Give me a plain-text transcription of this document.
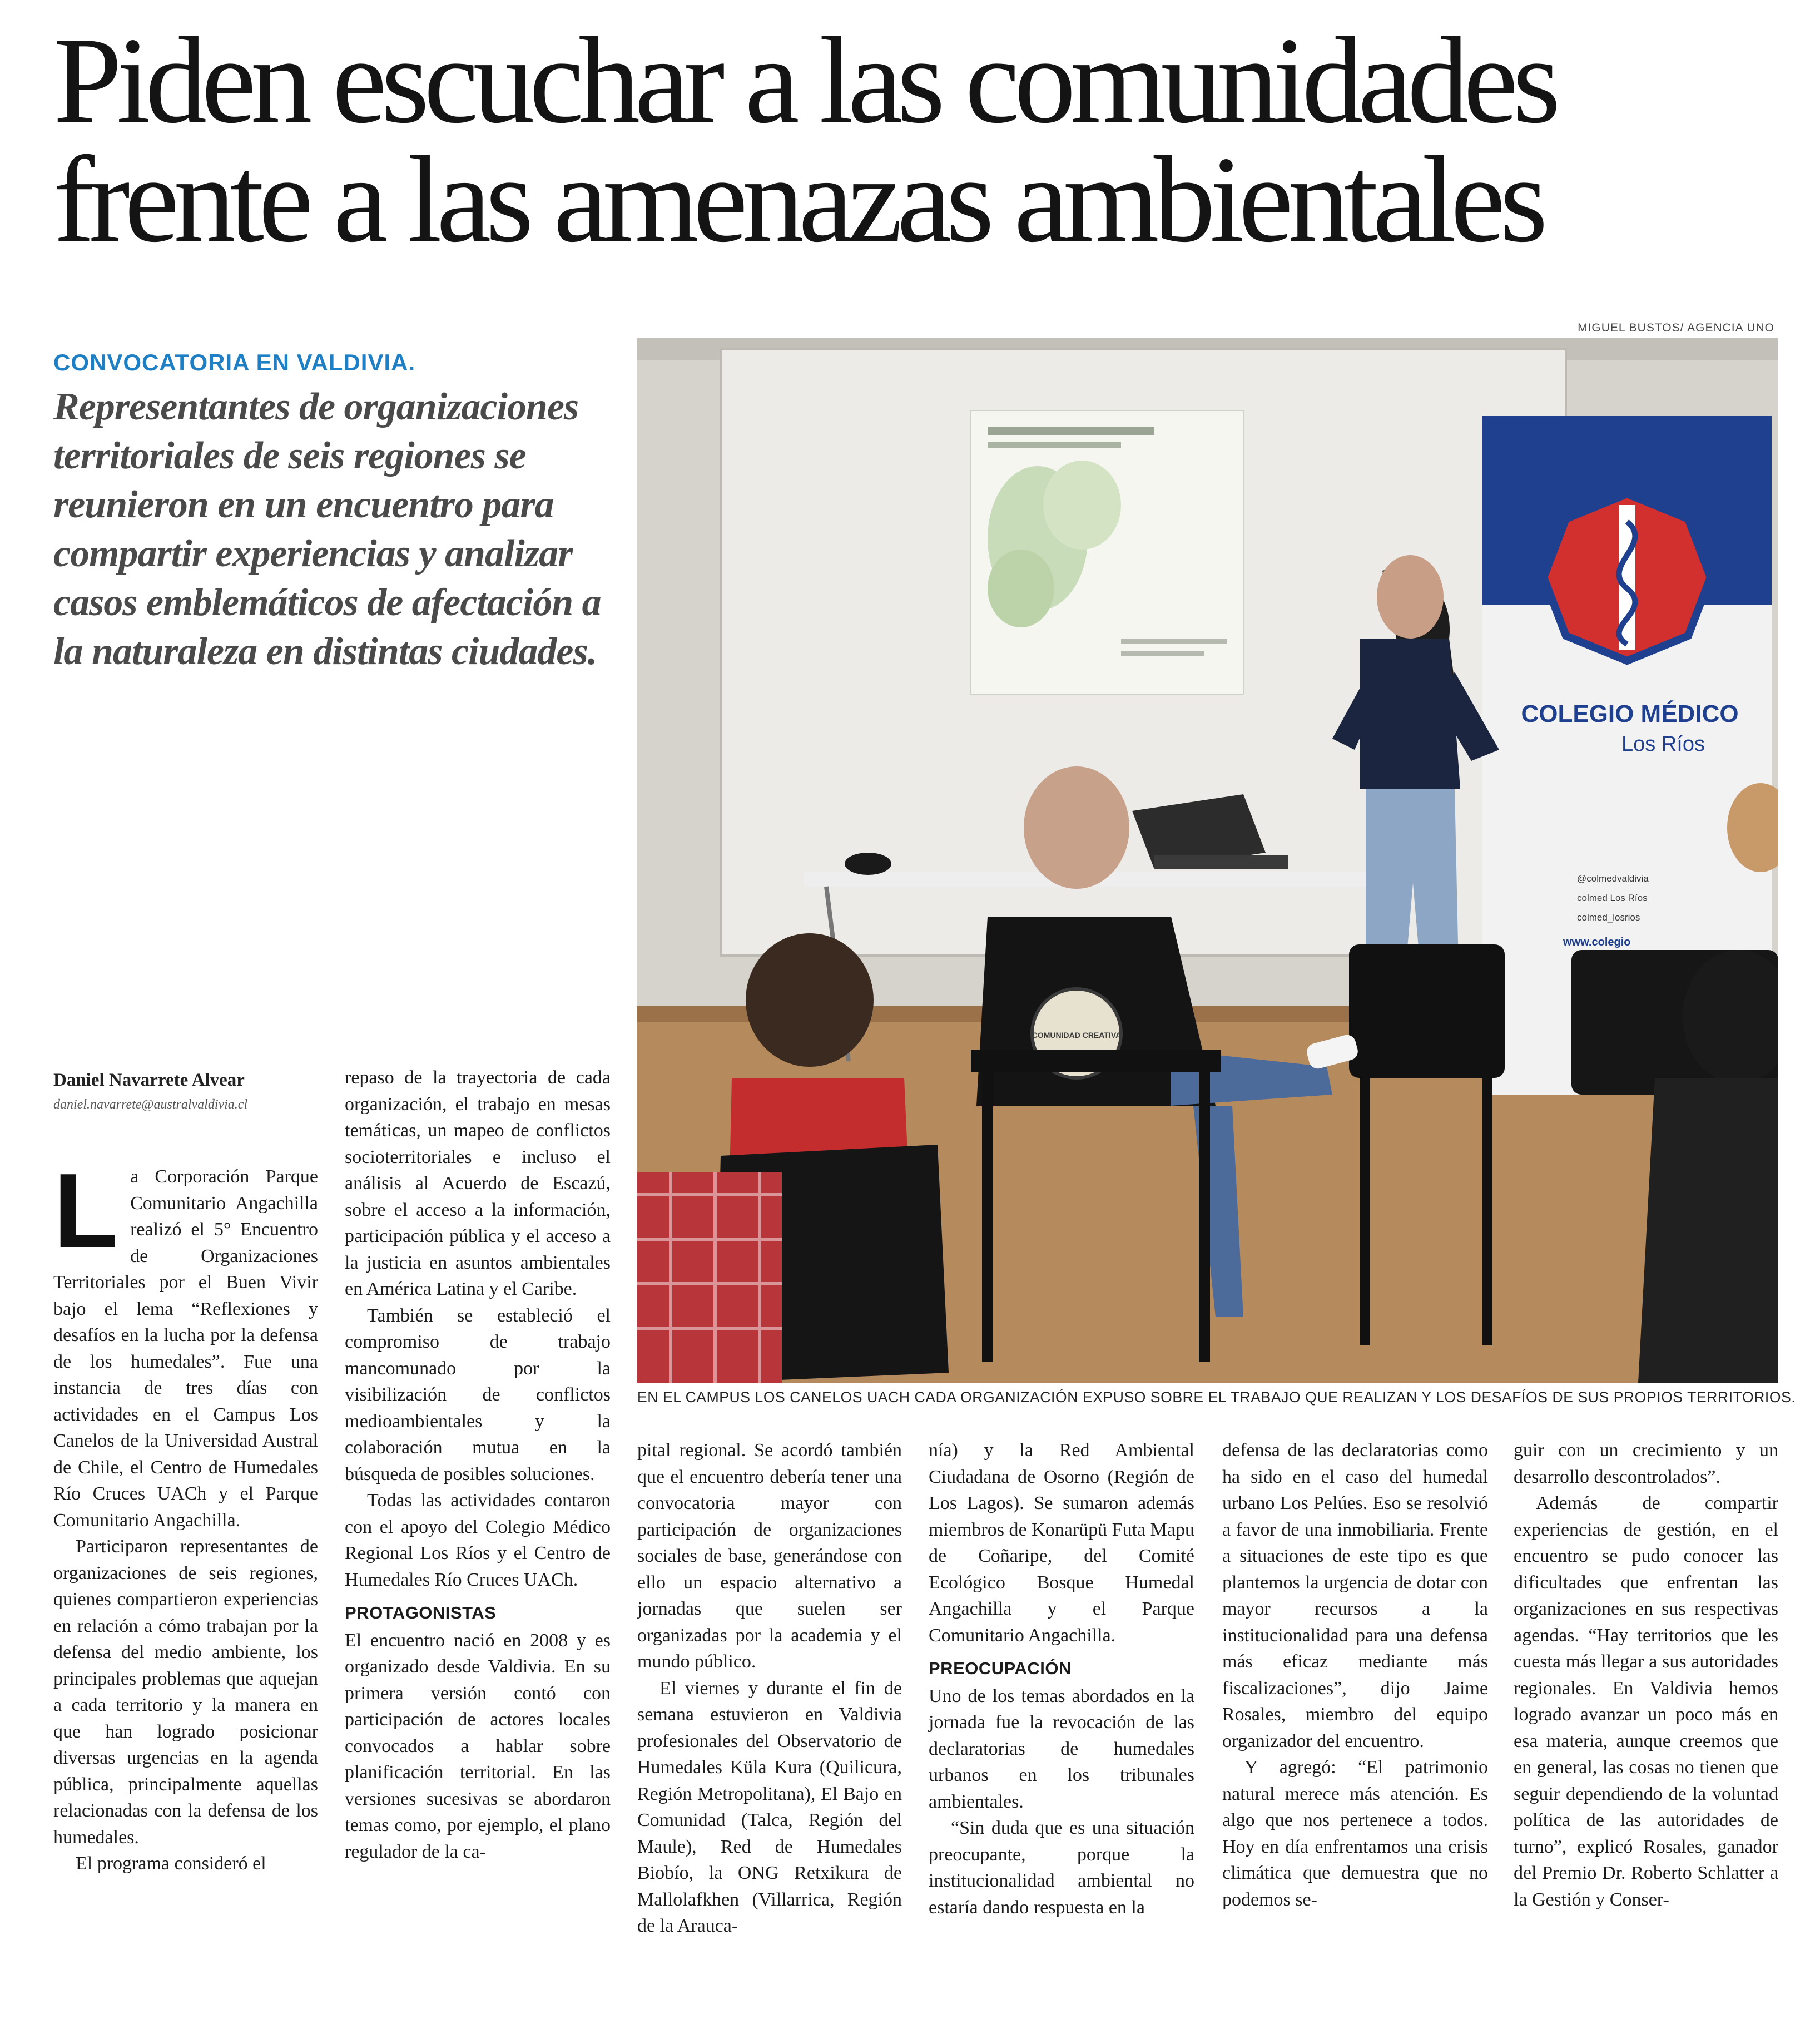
Piden escuchar a las comunidades
frente a las amenazas ambientales
MIGUEL BUSTOS/ AGENCIA UNO
CONVOCATORIA EN VALDIVIA.
Representantes de organizaciones territoriales de seis regiones se reunieron en un encuentro para compartir experiencias y analizar casos emblemáticos de afectación a la naturaleza en distintas ciudades.
COLEGIO MÉDICO
Los Ríos
@colmedvaldivia
colmed Los Ríos
colmed_losrios
www.colegio
COMUNIDAD CREATIVA
EN EL CAMPUS LOS CANELOS UACH CADA ORGANIZACIÓN EXPUSO SOBRE EL TRABAJO QUE REALIZAN Y LOS DESAFÍOS DE SUS PROPIOS TERRITORIOS.
Daniel Navarrete Alvear
daniel.navarrete@australvaldivia.cl

La Corporación Parque Comunitario Angachilla realizó el 5° Encuentro de Organizaciones Territoriales por el Buen Vivir bajo el lema “Reflexiones y desafíos en la lucha por la defensa de los humedales”. Fue una instancia de tres días con actividades en el Campus Los Canelos de la Universidad Austral de Chile, el Centro de Humedales Río Cruces UACh y el Parque Comunitario Angachilla.

Participaron representantes de organizaciones de seis regiones, quienes compartieron experiencias en relación a cómo trabajan por la defensa del medio ambiente, los principales problemas que aquejan a cada territorio y la manera en que han logrado posicionar diversas urgencias en la agenda pública, principalmente aquellas relacionadas con la defensa de los humedales.

El programa consideró el

repaso de la trayectoria de cada organización, el trabajo en mesas temáticas, un mapeo de conflictos socioterritoriales e incluso el análisis al Acuerdo de Escazú, sobre el acceso a la información, participación pública y el acceso a la justicia en asuntos ambientales en América Latina y el Caribe.

También se estableció el compromiso de trabajo mancomunado por la visibilización de conflictos medioambientales y la colaboración mutua en la búsqueda de posibles soluciones.

Todas las actividades contaron con el apoyo del Colegio Médico Regional Los Ríos y el Centro de Humedales Río Cruces UACh.

PROTAGONISTAS

El encuentro nació en 2008 y es organizado desde Valdivia. En su primera versión contó con participación de actores locales convocados a hablar sobre planificación territorial. En las versiones sucesivas se abordaron temas como, por ejemplo, el plano regulador de la ca-

pital regional. Se acordó también que el encuentro debería tener una convocatoria mayor con participación de organizaciones sociales de base, generándose con ello un espacio alternativo a jornadas que suelen ser organizadas por la academia y el mundo público.

El viernes y durante el fin de semana estuvieron en Valdivia profesionales del Observatorio de Humedales Küla Kura (Quilicura, Región Metropolitana), El Bajo en Comunidad (Talca, Región del Maule), Red de Humedales Biobío, la ONG Retxikura de Mallolafkhen (Villarrica, Región de la Arauca-

nía) y la Red Ambiental Ciudadana de Osorno (Región de Los Lagos). Se sumaron además miembros de Konarüpü Futa Mapu de Coñaripe, del Comité Ecológico Bosque Humedal Angachilla y el Parque Comunitario Angachilla.

PREOCUPACIÓN

Uno de los temas abordados en la jornada fue la revocación de las declaratorias de humedales urbanos en los tribunales ambientales.

“Sin duda que es una situación preocupante, porque la institucionalidad ambiental no estaría dando respuesta en la

defensa de las declaratorias como ha sido en el caso del humedal urbano Los Pelúes. Eso se resolvió a favor de una inmobiliaria. Frente a situaciones de este tipo es que plantemos la urgencia de dotar con mayor recursos a la institucionalidad para una defensa más eficaz mediante más fiscalizaciones”, dijo Jaime Rosales, miembro del equipo organizador del encuentro.

Y agregó: “El patrimonio natural merece más atención. Es algo que nos pertenece a todos. Hoy en día enfrentamos una crisis climática que demuestra que no podemos se-

guir con un crecimiento y un desarrollo descontrolados”.

Además de compartir experiencias de gestión, en el encuentro se pudo conocer las dificultades que enfrentan las organizaciones en sus respectivas agendas. “Hay territorios que les cuesta más llegar a sus autoridades regionales. En Valdivia hemos logrado avanzar un poco más en esa materia, aunque creemos que en general, las cosas no tienen que seguir dependiendo de la voluntad política de las autoridades de turno”, explicó Rosales, ganador del Premio Dr. Roberto Schlatter a la Gestión y Conser-
